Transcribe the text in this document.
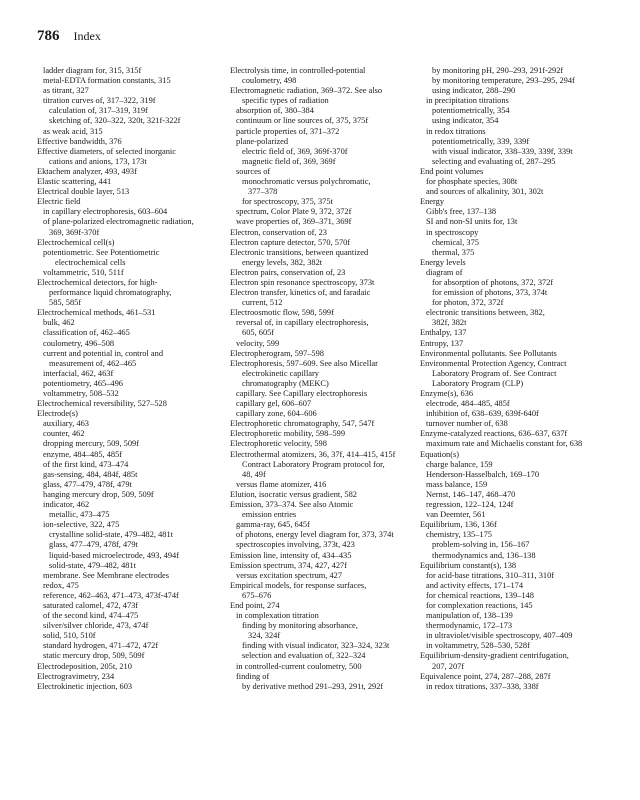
786 Index
ladder diagram for, 315, 315f
metal-EDTA formation constants, 315
as titrant, 327
titration curves of, 317–322, 319f
calculation of, 317–319, 319f
sketching of, 320–322, 320t, 321f-322f
as weak acid, 315
Effective bandwidth, 376
Effective diameters, of selected inorganic
cations and anions, 173, 173t
Ektachem analyzer, 493, 493f
Elastic scattering, 441
Electrical double layer, 513
Electric field
in capillary electrophoresis, 603–604
of plane-polarized electromagnetic radiation,
369, 369f-370f
Electrochemical cell(s)
potentiometric. See Potentiometric
electrochemical cells
voltammetric, 510, 511f
Electrochemical detectors, for high-
performance liquid chromatography,
585, 585f
Electrochemical methods, 461–531
bulk, 462
classification of, 462–465
coulometry, 496–508
current and potential in, control and
measurement of, 462–465
interfacial, 462, 463f
potentiometry, 465–496
voltammetry, 508–532
Electrochemical reversibility, 527–528
Electrode(s)
auxiliary, 463
counter, 462
dropping mercury, 509, 509f
enzyme, 484–485, 485f
of the first kind, 473–474
gas-sensing, 484, 484f, 485t
glass, 477–479, 478f, 479t
hanging mercury drop, 509, 509f
indicator, 462
metallic, 473–475
ion-selective, 322, 475
crystalline solid-state, 479–482, 481t
glass, 477–479, 478f, 479t
liquid-based microelectrode, 493, 494f
solid-state, 479–482, 481t
membrane. See Membrane electrodes
redox, 475
reference, 462–463, 471–473, 473f-474f
saturated calomel, 472, 473f
of the second kind, 474–475
silver/silver chloride, 473, 474f
solid, 510, 510f
standard hydrogen, 471–472, 472f
static mercury drop, 509, 509f
Electrodeposition, 205t, 210
Electrogravimetry, 234
Electrokinetic injection, 603
Electrolysis time, in controlled-potential
coulometry, 498
Electromagnetic radiation, 369–372. See also
specific types of radiation
absorption of, 380–384
continuum or line sources of, 375, 375f
particle properties of, 371–372
plane-polarized
electric field of, 369, 369f-370f
magnetic field of, 369, 369f
sources of
monochromatic versus polychromatic,
377–378
for spectroscopy, 375, 375t
spectrum, Color Plate 9, 372, 372f
wave properties of, 369–371, 369f
Electron, conservation of, 23
Electron capture detector, 570, 570f
Electronic transitions, between quantized
energy levels, 382, 382t
Electron pairs, conservation of, 23
Electron spin resonance spectroscopy, 373t
Electron transfer, kinetics of, and faradaic
current, 512
Electroosmotic flow, 598, 599f
reversal of, in capillary electrophoresis,
605, 605f
velocity, 599
Electropherogram, 597–598
Electrophoresis, 597–609. See also Micellar
electrokinetic capillary
chromatography (MEKC)
capillary. See Capillary electrophoresis
capillary gel, 606–607
capillary zone, 604–606
Electrophoretic chromatography, 547, 547f
Electrophoretic mobility, 598–599
Electrophoretic velocity, 598
Electrothermal atomizers, 36, 37f, 414–415, 415f
Contract Laboratory Program protocol for,
48, 49f
versus flame atomizer, 416
Elution, isocratic versus gradient, 582
Emission, 373–374. See also Atomic
emission entries
gamma-ray, 645, 645f
of photons, energy level diagram for, 373, 374t
spectroscopies involving, 373t, 423
Emission line, intensity of, 434–435
Emission spectrum, 374, 427, 427f
versus excitation spectrum, 427
Empirical models, for response surfaces,
675–676
End point, 274
in complexation titration
finding by monitoring absorbance,
324, 324f
finding with visual indicator, 323–324, 323t
selection and evaluation of, 322–324
in controlled-current coulometry, 500
finding of
by derivative method 291–293, 291t, 292f
by monitoring pH, 290–293, 291f-292f
by monitoring temperature, 293–295, 294f
using indicator, 288–290
in precipitation titrations
potentiometrically, 354
using indicator, 354
in redox titrations
potentiometrically, 339, 339f
with visual indicator, 338–339, 339f, 339t
selecting and evaluating of, 287–295
End point volumes
for phosphate species, 308t
and sources of alkalinity, 301, 302t
Energy
Gibb's free, 137–138
SI and non-SI units for, 13t
in spectroscopy
chemical, 375
thermal, 375
Energy levels
diagram of
for absorption of photons, 372, 372f
for emission of photons, 373, 374t
for photon, 372, 372f
electronic transitions between, 382,
382f, 382t
Enthalpy, 137
Entropy, 137
Environmental pollutants. See Pollutants
Environmental Protection Agency, Contract
Laboratory Program of. See Contract
Laboratory Program (CLP)
Enzyme(s), 636
electrode, 484–485, 485f
inhibition of, 638–639, 639f-640f
turnover number of, 638
Enzyme-catalyzed reactions, 636–637, 637f
maximum rate and Michaelis constant for, 638
Equation(s)
charge balance, 159
Henderson-Hasselbalch, 169–170
mass balance, 159
Nernst, 146–147, 468–470
regression, 122–124, 124f
van Deemter, 561
Equilibrium, 136, 136f
chemistry, 135–175
problem-solving in, 156–167
thermodynamics and, 136–138
Equilibrium constant(s), 138
for acid-base titrations, 310–311, 310f
and activity effects, 171–174
for chemical reactions, 139–148
for complexation reactions, 145
manipulation of, 138–139
thermodynamic, 172–173
in ultraviolet/visible spectroscopy, 407–409
in voltammetry, 528–530, 528f
Equilibrium-density-gradient centrifugation,
207, 207f
Equivalence point, 274, 287–288, 287f
in redox titrations, 337–338, 338f
